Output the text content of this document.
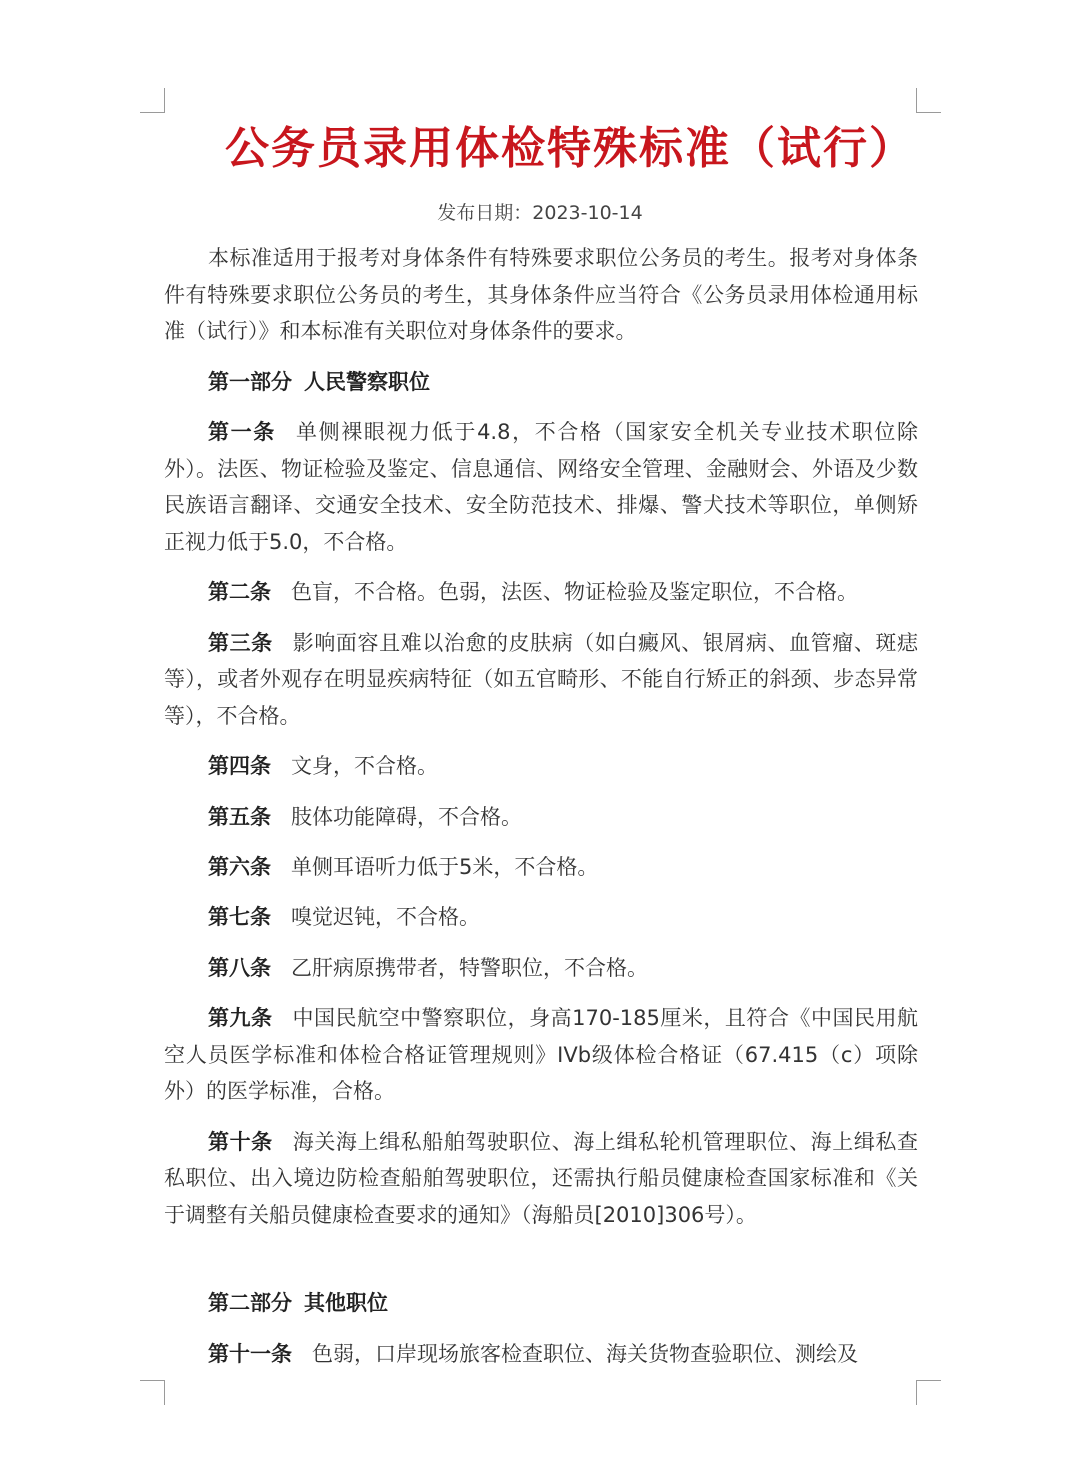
公务员录用体检特殊标准（试行）
发布日期：2023-10-14

本标准适用于报考对身体条件有特殊要求职位公务员的考生。报考对身体条件有特殊要求职位公务员的考生，其身体条件应当符合《公务员录用体检通用标准（试行）》和本标准有关职位对身体条件的要求。

第一部分 人民警察职位

第一条 单侧裸眼视力低于4.8，不合格（国家安全机关专业技术职位除外）。法医、物证检验及鉴定、信息通信、网络安全管理、金融财会、外语及少数民族语言翻译、交通安全技术、安全防范技术、排爆、警犬技术等职位，单侧矫正视力低于5.0，不合格。

第二条 色盲，不合格。色弱，法医、物证检验及鉴定职位，不合格。

第三条 影响面容且难以治愈的皮肤病（如白癜风、银屑病、血管瘤、斑痣等），或者外观存在明显疾病特征（如五官畸形、不能自行矫正的斜颈、步态异常等），不合格。

第四条 文身，不合格。

第五条 肢体功能障碍，不合格。

第六条 单侧耳语听力低于5米，不合格。

第七条 嗅觉迟钝，不合格。

第八条 乙肝病原携带者，特警职位，不合格。

第九条 中国民航空中警察职位，身高170-185厘米，且符合《中国民用航空人员医学标准和体检合格证管理规则》IVb级体检合格证（67.415（c）项除外）的医学标准，合格。

第十条 海关海上缉私船舶驾驶职位、海上缉私轮机管理职位、海上缉私查私职位、出入境边防检查船舶驾驶职位，还需执行船员健康检查国家标准和《关于调整有关船员健康检查要求的通知》（海船员[2010]306号）。

第二部分 其他职位

第十一条 色弱，口岸现场旅客检查职位、海关货物查验职位、测绘及
